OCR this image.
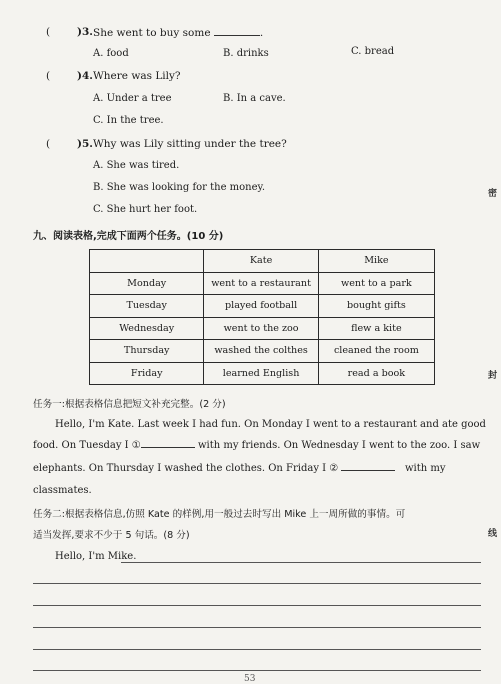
(	)3. She went to buy some	.
A. food	B. drinks	C. bread
(	)4. Where was Lily?
A. Under a tree	B. In a cave.
C. In the tree.
(	)5. Why was Lily sitting under the tree?
A. She was tired.
B. She was looking for the money.
C. She hurt her foot.
九、阅读表格,完成下面两个任务。(10 分)
	Kate	Mike
Monday	went to a restaurant	went to a park
Tuesday	played football	bought gifts
Wednesday	went to the zoo	flew a kite
Thursday	washed the colthes	cleaned the room
Friday	learned English	read a book
任务一:根据表格信息把短文补充完整。(2 分)
Hello, I'm Kate. Last week I had fun. On Monday I went to a restaurant and ate good
food. On Tuesday I ①	with my friends. On Wednesday I went to the zoo. I saw
elephants. On Thursday I washed the clothes. On Friday I ②	with my
classmates.
任务二:根据表格信息,仿照 Kate 的样例,用一般过去时写出 Mike 上一周所做的事情。可
适当发挥,要求不少于 5 句话。(8 分)
Hello, I'm Mike.
密
封
线
53
